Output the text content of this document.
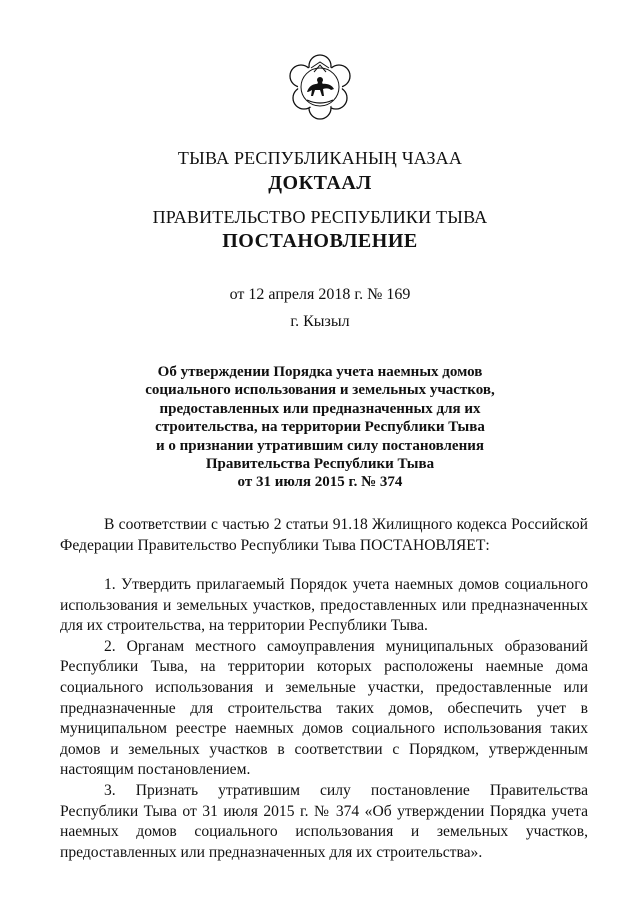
ТЫВА РЕСПУБЛИКАНЫҢ ЧАЗАА
ДОКТААЛ
ПРАВИТЕЛЬСТВО РЕСПУБЛИКИ ТЫВА
ПОСТАНОВЛЕНИЕ
от 12 апреля 2018 г. № 169
г. Кызыл
Об утверждении Порядка учета наемных домов
социального использования и земельных участков,
предоставленных или предназначенных для их
строительства, на территории Республики Тыва
и о признании утратившим силу постановления
Правительства Республики Тыва
от 31 июля 2015 г. № 374

В соответствии с частью 2 статьи 91.18 Жилищного кодекса Российской Федерации Правительство Республики Тыва ПОСТАНОВЛЯЕТ:

1. Утвердить прилагаемый Порядок учета наемных домов социального использования и земельных участков, предоставленных или предназначенных для их строительства, на территории Республики Тыва.

2. Органам местного самоуправления муниципальных образований Республики Тыва, на территории которых расположены наемные дома социального использования и земельные участки, предоставленные или предназначенные для строительства таких домов, обеспечить учет в муниципальном реестре наемных домов социального использования таких домов и земельных участков в соответствии с Порядком, утвержденным настоящим постановлением.

3. Признать утратившим силу постановление Правительства Республики Тыва от 31 июля 2015 г. № 374 «Об утверждении Порядка учета наемных домов социального использования и земельных участков, предоставленных или предназначенных для их строительства».
